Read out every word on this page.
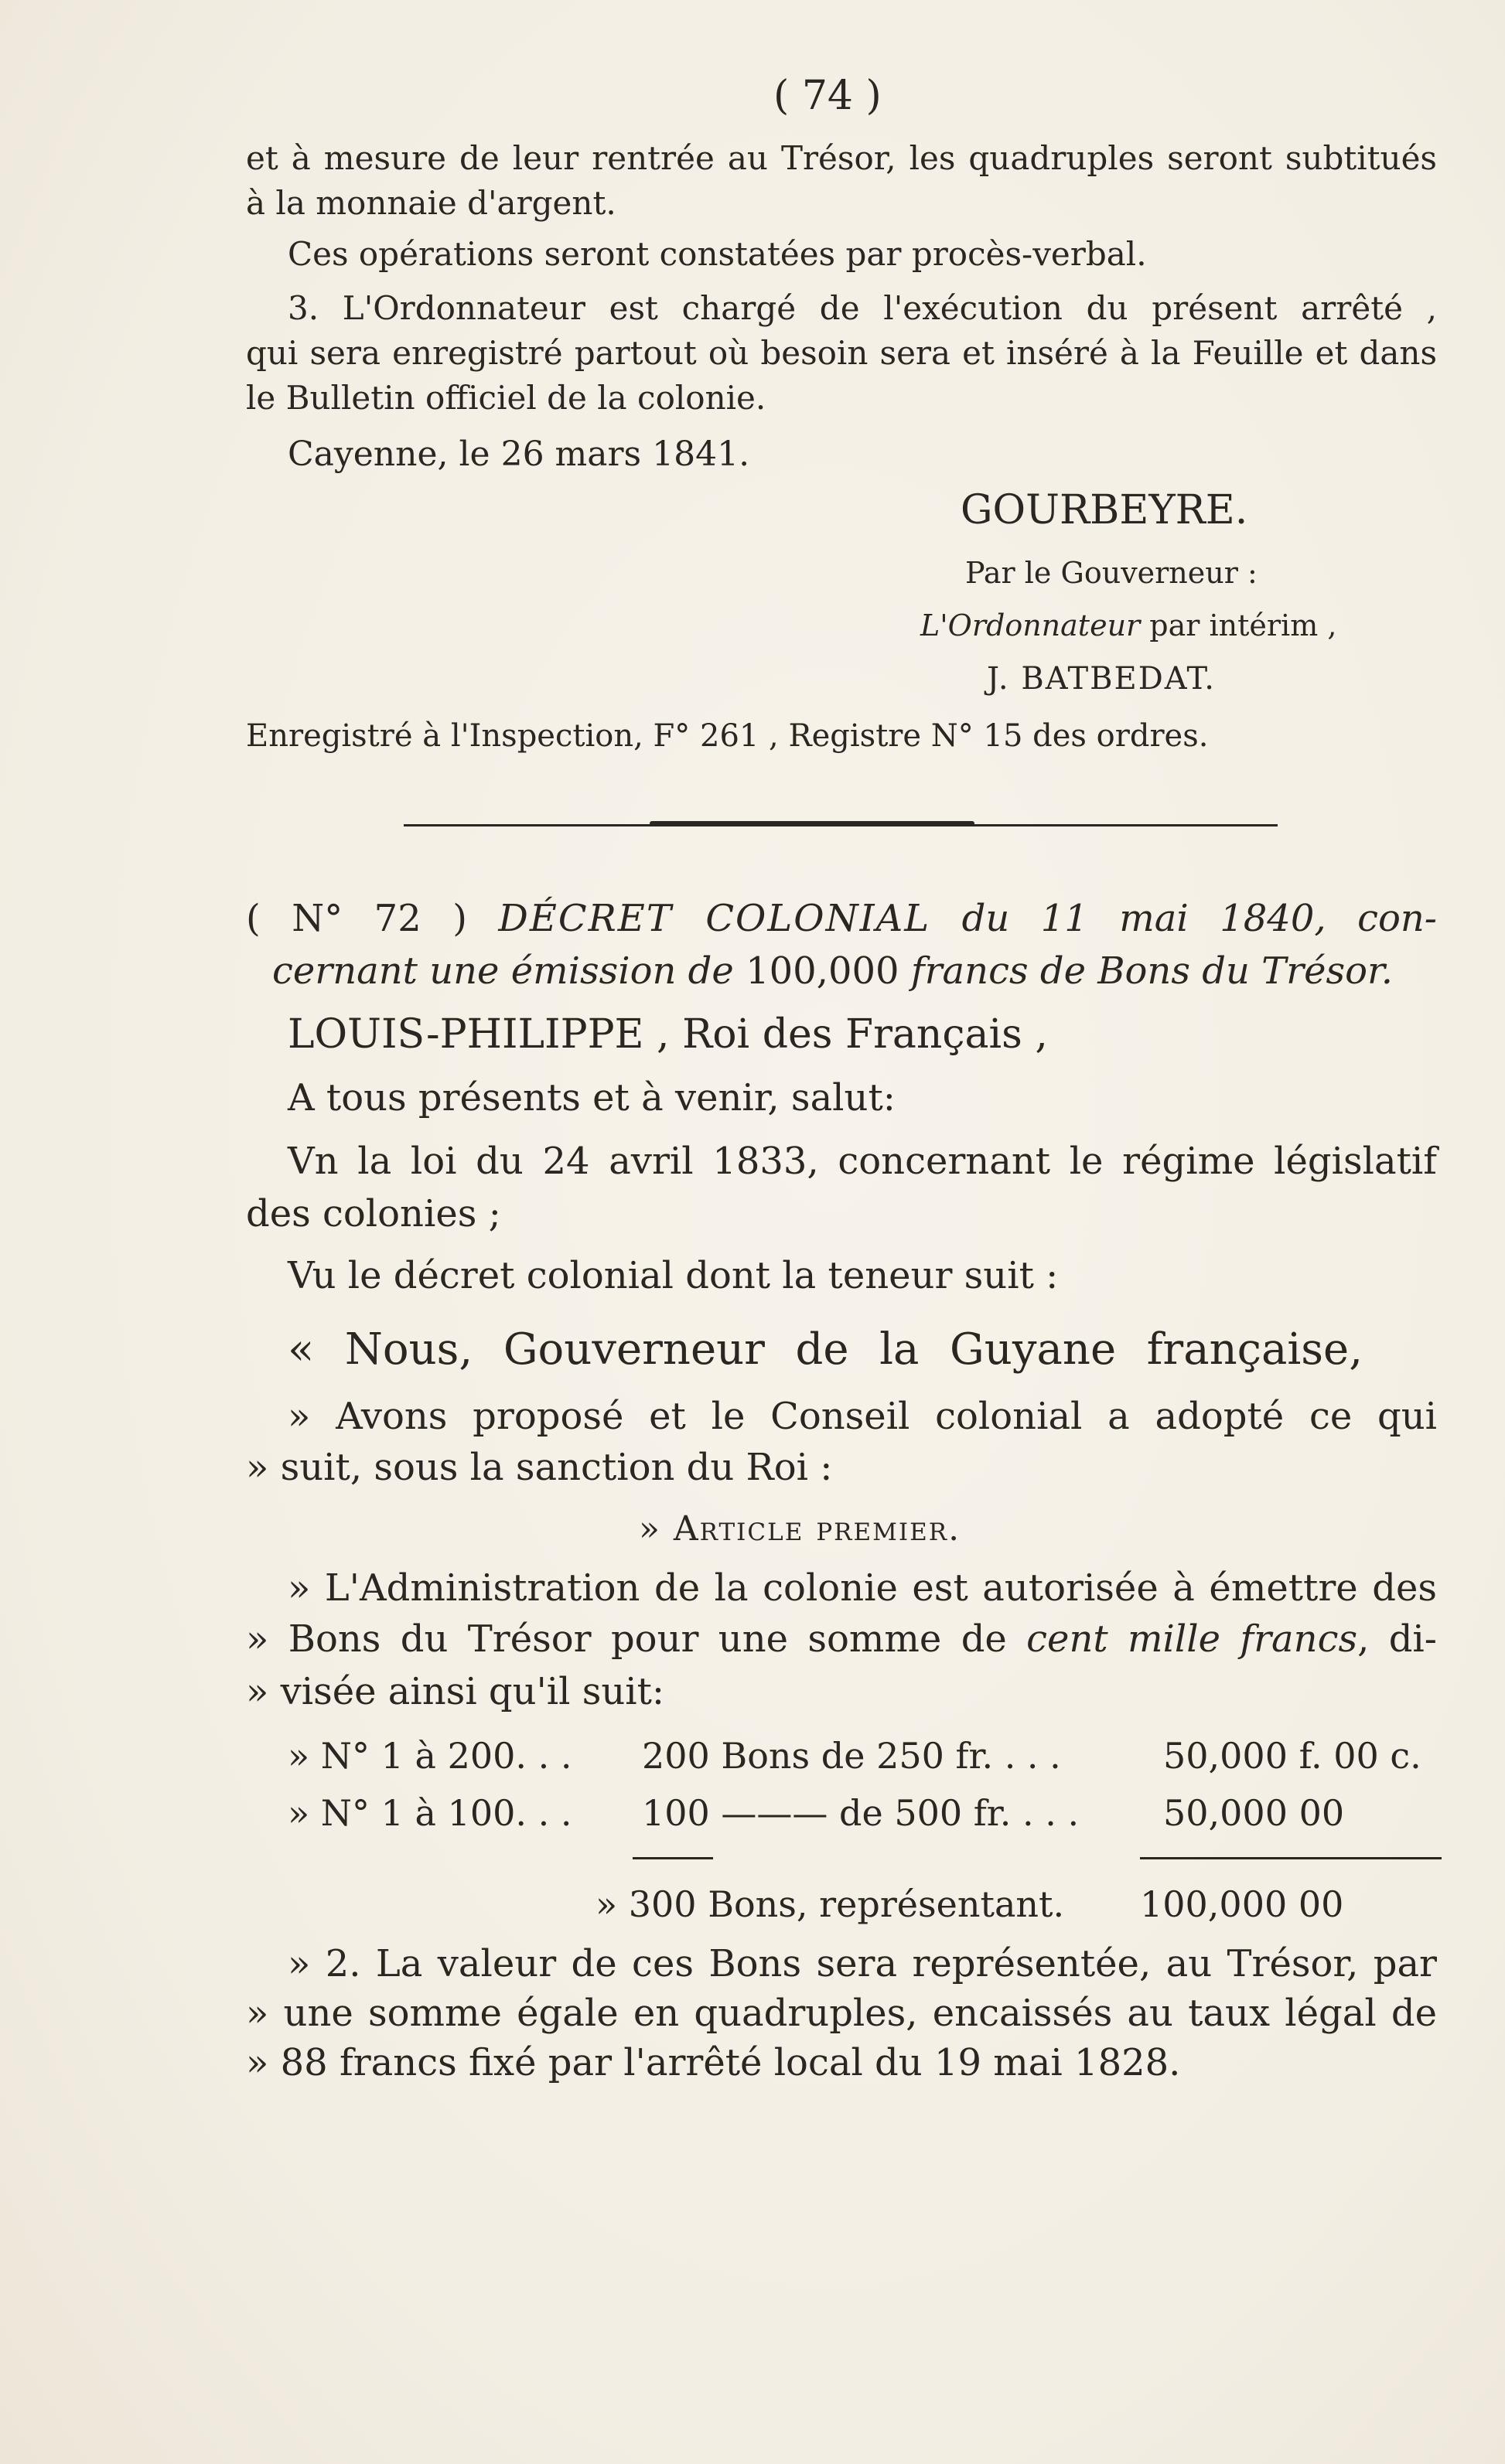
( 74 )
et à mesure de leur rentrée au Trésor, les quadruples seront subtitués
à la monnaie d'argent.
Ces opérations seront constatées par procès-verbal.
3. L'Ordonnateur est chargé de l'exécution du présent arrêté ,
qui sera enregistré partout où besoin sera et inséré à la Feuille et dans
le Bulletin officiel de la colonie.
Cayenne, le 26 mars 1841.
GOURBEYRE.
Par le Gouverneur :
L'Ordonnateur par intérim ,
J. BATBEDAT.
Enregistré à l'Inspection, F° 261 , Registre N° 15 des ordres.
( N° 72 ) DÉCRET COLONIAL du 11 mai 1840, con-
cernant une émission de 100,000 francs de Bons du Trésor.
LOUIS-PHILIPPE , Roi des Français ,
A tous présents et à venir, salut:
Vn la loi du 24 avril 1833, concernant le régime législatif
des colonies ;
Vu le décret colonial dont la teneur suit :
« Nous, Gouverneur de la Guyane française,
» Avons proposé et le Conseil colonial a adopté ce qui
» suit, sous la sanction du Roi :
» Article premier.
» L'Administration de la colonie est autorisée à émettre des
» Bons du Trésor pour une somme de cent mille francs, di-
» visée ainsi qu'il suit:
» N° 1 à 200. . . 200 Bons de 250 fr. . . .	50,000 f. 00 c.
» N° 1 à 100. . . 100 ——— de 500 fr. . . . 50,000 00
» 300 Bons, représentant. 100,000 00
» 2. La valeur de ces Bons sera représentée, au Trésor, par
» une somme égale en quadruples, encaissés au taux légal de
» 88 francs fixé par l'arrêté local du 19 mai 1828.
